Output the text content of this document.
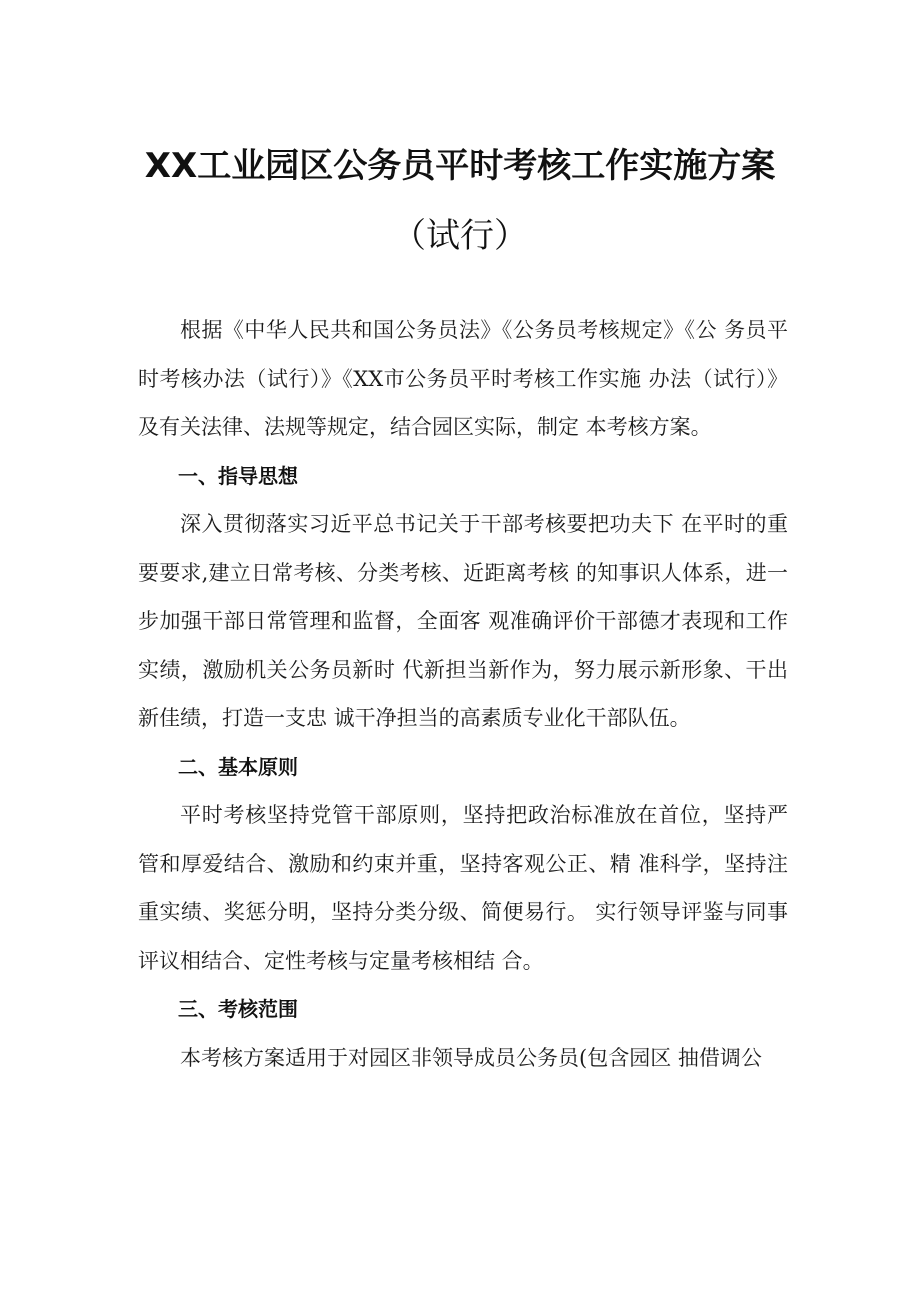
XX工业园区公务员平时考核工作实施方案
（试行）

根据《中华人民共和国公务员法》《公务员考核规定》《公 务员平时考核办法（试行）》《XX市公务员平时考核工作实施 办法（试行）》及有关法律、法规等规定，结合园区实际，制定 本考核方案。

一、指导思想

深入贯彻落实习近平总书记关于干部考核要把功夫下 在平时的重要要求,建立日常考核、分类考核、近距离考核 的知事识人体系，进一步加强干部日常管理和监督，全面客 观准确评价干部德才表现和工作实绩，激励机关公务员新时 代新担当新作为，努力展示新形象、干出新佳绩，打造一支忠 诚干净担当的高素质专业化干部队伍。

二、基本原则

平时考核坚持党管干部原则，坚持把政治标准放在首位，坚持严管和厚爱结合、激励和约束并重，坚持客观公正、精 准科学，坚持注重实绩、奖惩分明，坚持分类分级、简便易行。 实行领导评鉴与同事评议相结合、定性考核与定量考核相结 合。

三、考核范围

本考核方案适用于对园区非领导成员公务员(包含园区 抽借调公
